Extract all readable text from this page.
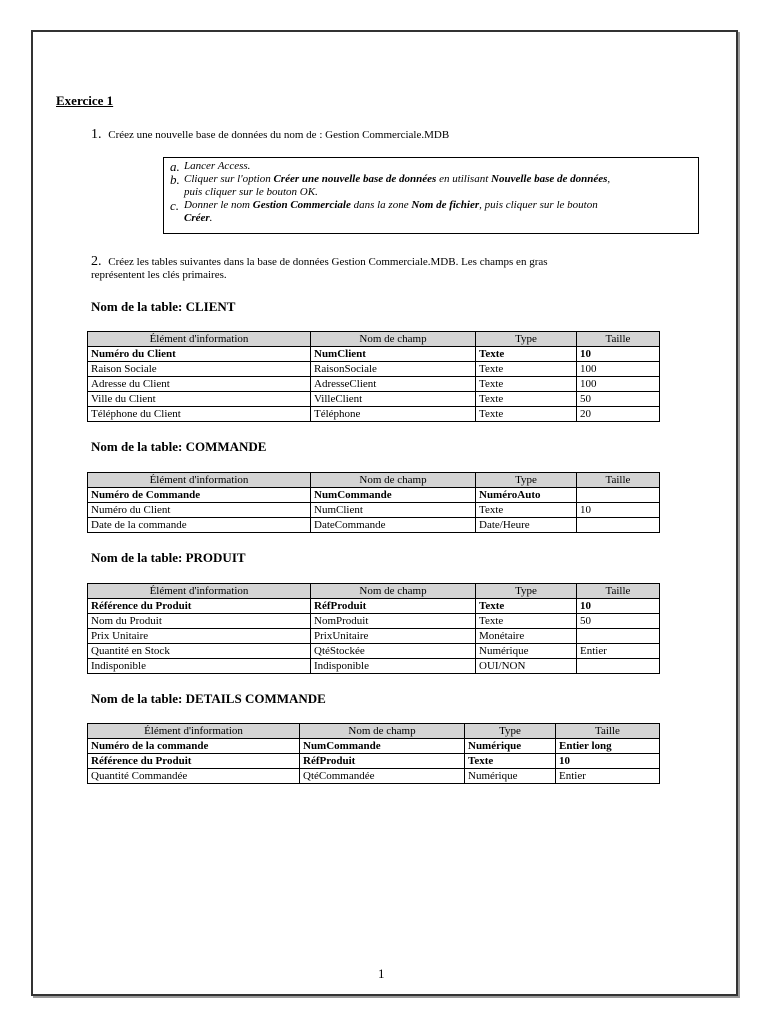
Exercice 1
1. Créez une nouvelle base de données du nom de : Gestion Commerciale.MDB
a. Lancer Access.
b. Cliquer sur l'option Créer une nouvelle base de données en utilisant Nouvelle base de données,
puis cliquer sur le bouton OK.
c. Donner le nom Gestion Commerciale dans la zone Nom de fichier, puis cliquer sur le bouton
Créer.
2. Créez les tables suivantes dans la base de données Gestion Commerciale.MDB. Les champs en gras
représentent les clés primaires.
Nom de la table: CLIENT
Élément d'information	Nom de champ	Type	Taille
Numéro du Client	NumClient	Texte	10
Raison Sociale	RaisonSociale	Texte	100
Adresse du Client	AdresseClient	Texte	100
Ville du Client	VilleClient	Texte	50
Téléphone du Client	Téléphone	Texte	20
Nom de la table: COMMANDE
Élément d'information	Nom de champ	Type	Taille
Numéro de Commande	NumCommande	NuméroAuto	
Numéro du Client	NumClient	Texte	10
Date de la commande	DateCommande	Date/Heure	
Nom de la table: PRODUIT
Élément d'information	Nom de champ	Type	Taille
Référence du Produit	RéfProduit	Texte	10
Nom du Produit	NomProduit	Texte	50
Prix Unitaire	PrixUnitaire	Monétaire	
Quantité en Stock	QtéStockée	Numérique	Entier
Indisponible	Indisponible	OUI/NON	
Nom de la table: DETAILS COMMANDE
Élément d'information	Nom de champ	Type	Taille
Numéro de la commande	NumCommande	Numérique	Entier long
Référence du Produit	RéfProduit	Texte	10
Quantité Commandée	QtéCommandée	Numérique	Entier
1
